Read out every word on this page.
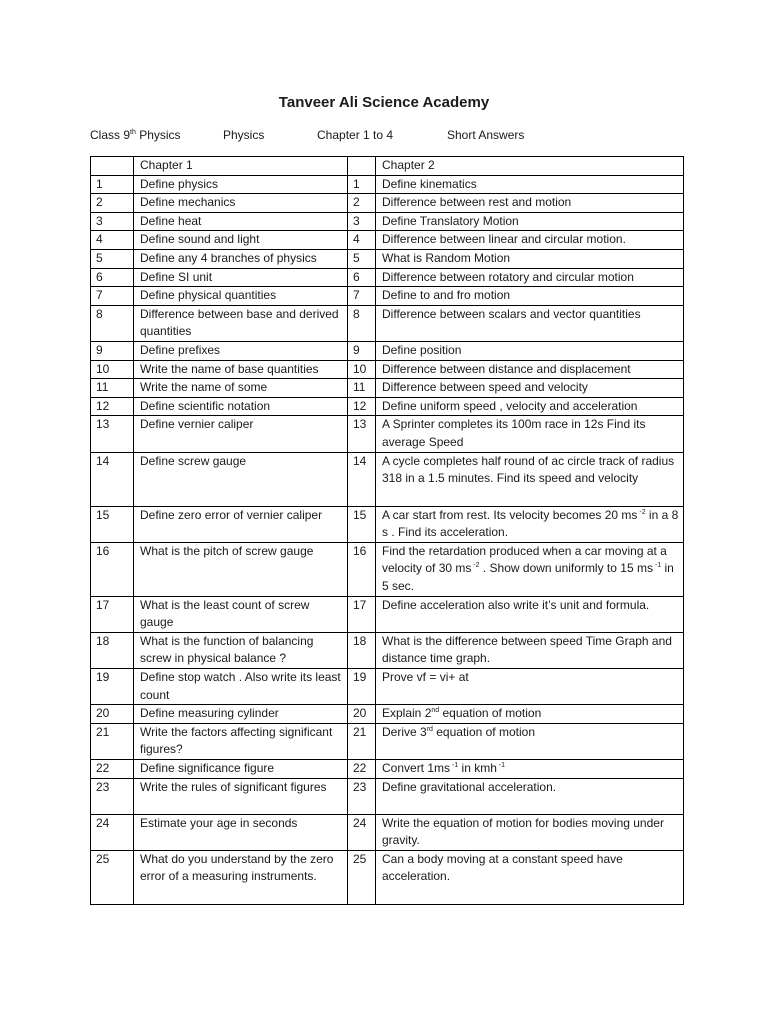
Tanveer Ali Science Academy
Class 9th Physics	Physics	Chapter 1 to 4	Short Answers
	Chapter 1		Chapter 2
1	Define physics	1	Define kinematics
2	Define mechanics	2	Difference between rest and motion
3	Define heat	3	Define Translatory Motion
4	Define sound and light	4	Difference between linear and circular motion.
5	Define any 4 branches of physics	5	What is Random Motion
6	Define SI unit	6	Difference between rotatory and circular motion
7	Define physical quantities	7	Define to and fro motion
8	Difference between base and derived quantities	8	Difference between scalars and vector quantities
9	Define prefixes	9	Define position
10	Write the name of base quantities	10	Difference between distance and displacement
11	Write the name of some	11	Difference between speed and velocity
12	Define scientific notation	12	Define uniform speed , velocity and acceleration
13	Define vernier caliper	13	A Sprinter completes its 100m race in 12s Find its average Speed
14	Define screw gauge	14	A cycle completes half round of ac circle track of radius 318 in a 1.5 minutes. Find its speed and velocity
15	Define zero error of vernier caliper	15	A car start from rest. Its velocity becomes 20 ms $^{-2}$ in a 8 s . Find its acceleration.
16	What is the pitch of screw gauge	16	Find the retardation produced when a car moving at a velocity of 30 ms $^{-2}$ . Show down uniformly to 15 ms $^{-1}$ in 5 sec.
17	What is the least count of screw gauge	17	Define acceleration also write it’s unit and formula.
18	What is the function of balancing screw in physical balance ?	18	What is the difference between speed Time Graph and distance time graph.
19	Define stop watch . Also write its least count	19	Prove vf = vi+ at
20	Define measuring cylinder	20	Explain 2nd equation of motion
21	Write the factors affecting significant figures?	21	Derive 3rd equation of motion
22	Define significance figure	22	Convert 1ms $^{-1}$ in kmh $^{-1}$
23	Write the rules of significant figures	23	Define gravitational acceleration.
24	Estimate your age in seconds	24	Write the equation of motion for bodies moving under gravity.
25	What do you understand by the zero error of a measuring instruments.	25	Can a body moving at a constant speed have acceleration.
